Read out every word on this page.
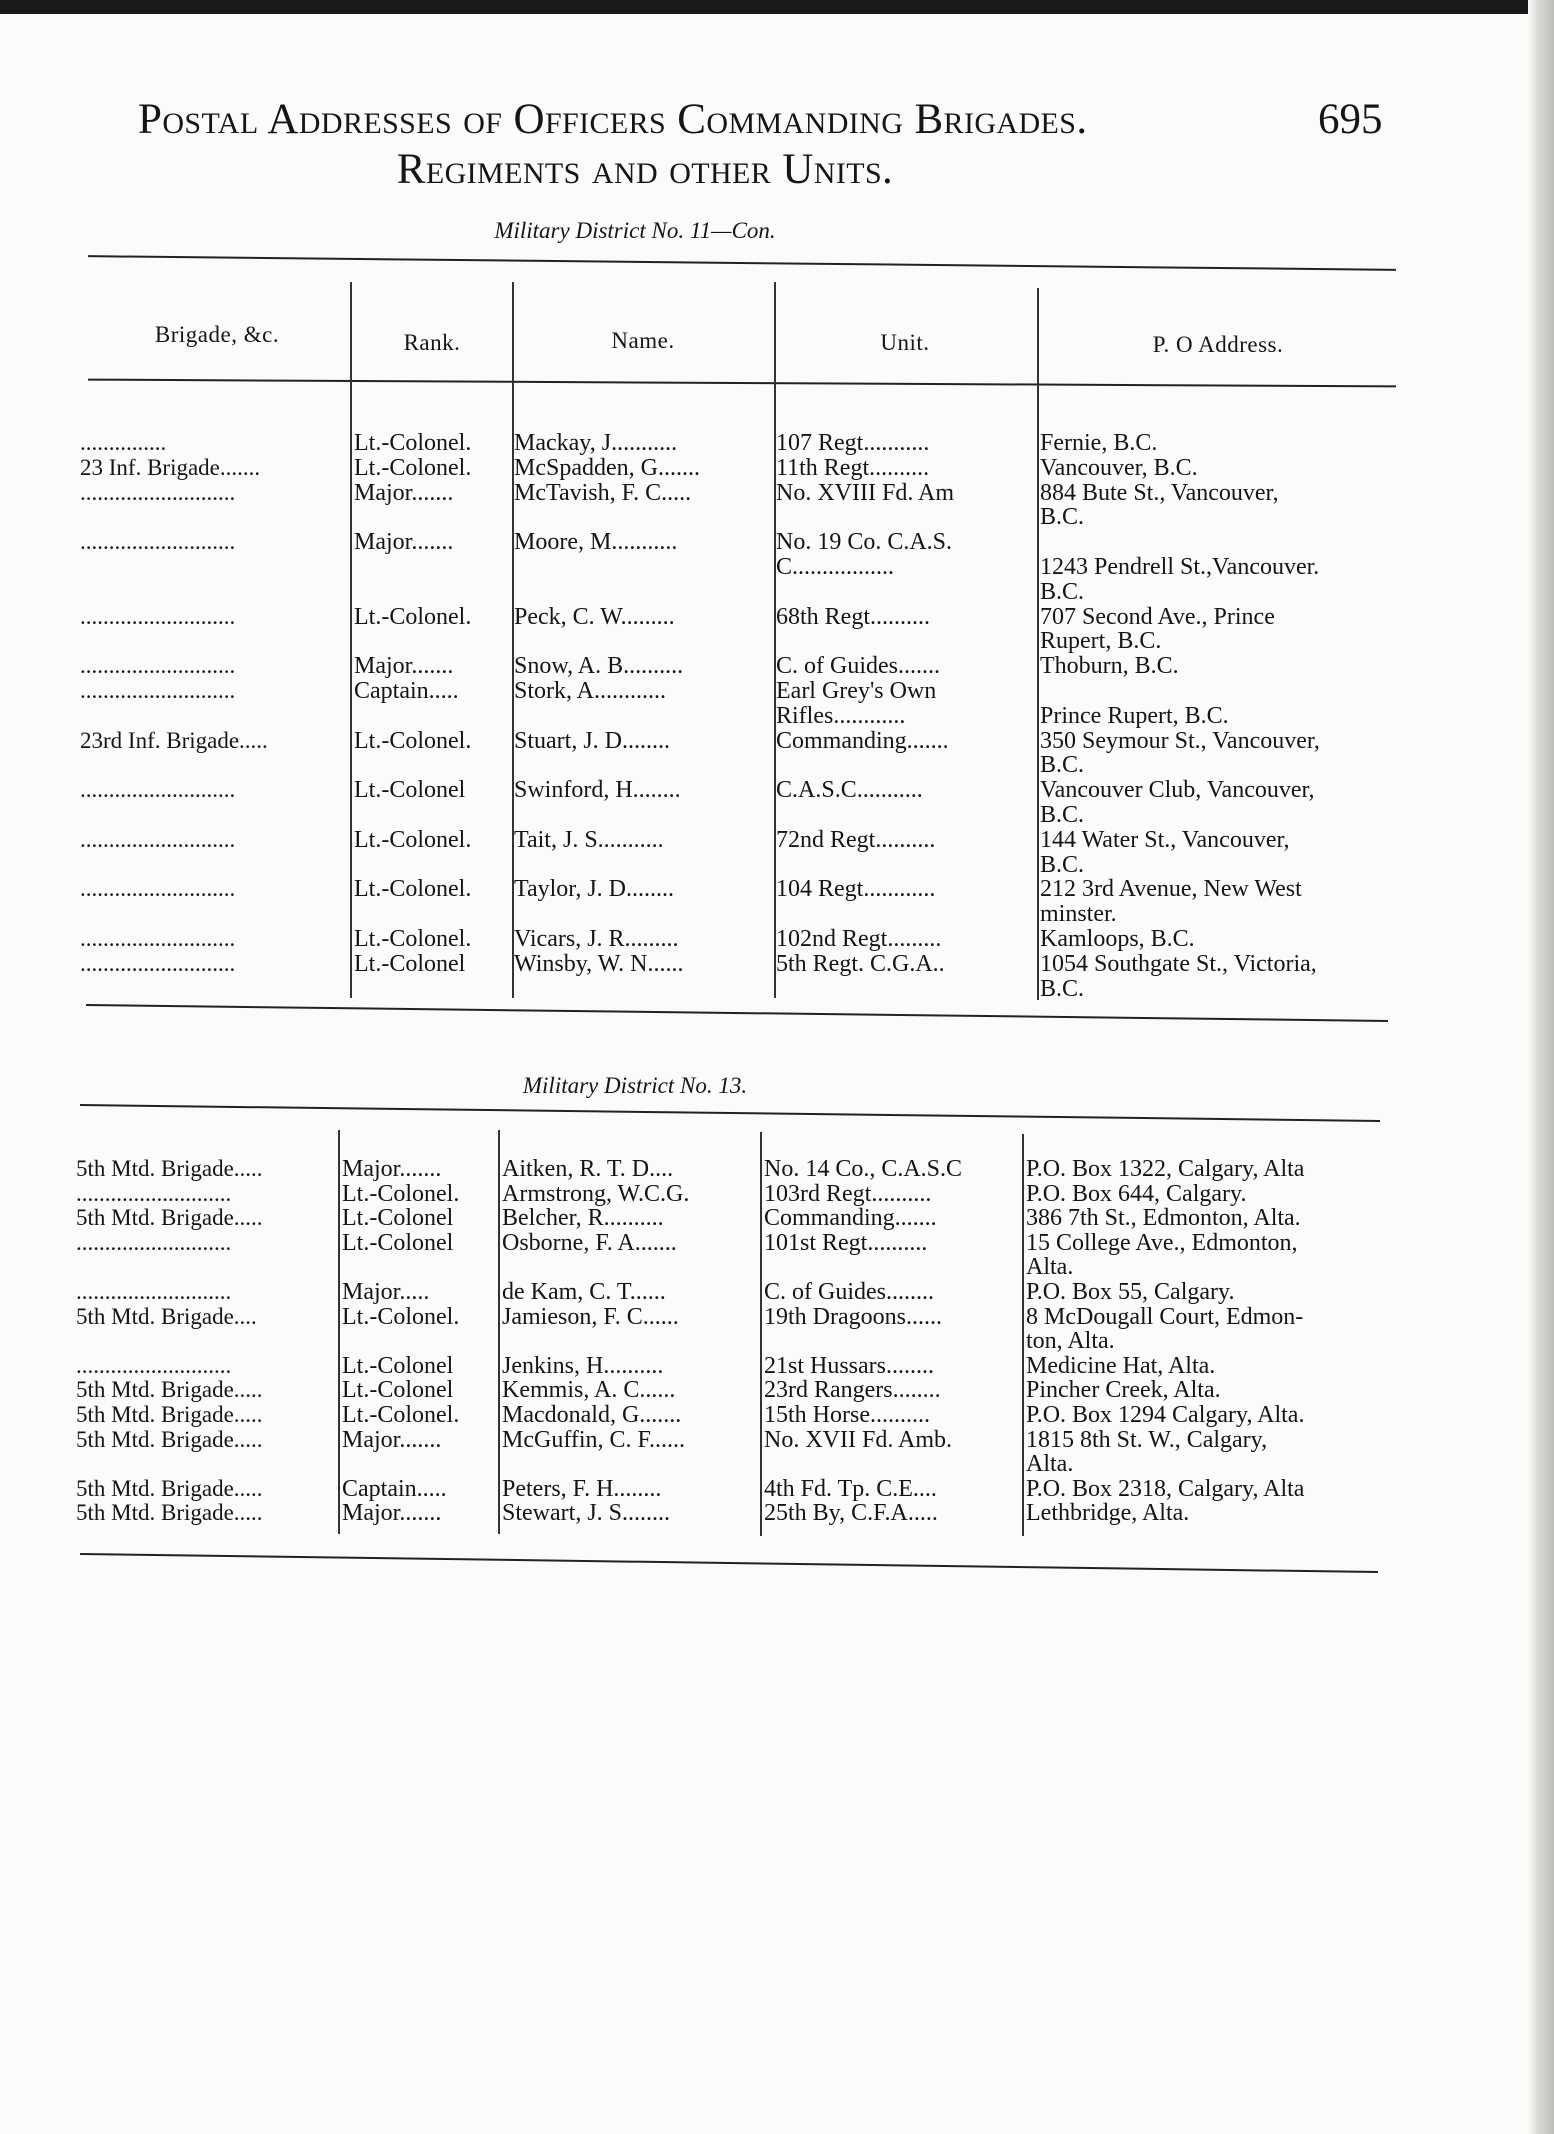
Postal Addresses of Officers Commanding Brigades.	695
Regiments and other Units.
Military District No. 11—Con.
Brigade, &c.	Rank.	Name.	Unit.	P. O Address.
...............	Lt.-Colonel.	Mackay, J...........	107 Regt...........	Fernie, B.C.
23 Inf. Brigade.......	Lt.-Colonel.	McSpadden, G.......	11th Regt..........	Vancouver, B.C.
...........................	Major.......	McTavish, F. C.....	No. XVIII Fd. Am	884 Bute St., Vancouver,
B.C.
...........................	Major.......	Moore, M...........	No. 19 Co. C.A.S.
C.................	1243 Pendrell St.,Vancouver.
B.C.
...........................	Lt.-Colonel.	Peck, C. W.........	68th Regt..........	707 Second Ave., Prince
Rupert, B.C.
...........................	Major.......	Snow, A. B..........	C. of Guides.......	Thoburn, B.C.
...........................	Captain.....	Stork, A............	Earl Grey's Own
Rifles............	Prince Rupert, B.C.
23rd Inf. Brigade.....	Lt.-Colonel.	Stuart, J. D........	Commanding.......	350 Seymour St., Vancouver,
B.C.
...........................	Lt.-Colonel	Swinford, H........	C.A.S.C...........	Vancouver Club, Vancouver,
B.C.
...........................	Lt.-Colonel.	Tait, J. S...........	72nd Regt..........	144 Water St., Vancouver,
B.C.
...........................	Lt.-Colonel.	Taylor, J. D........	104 Regt............	212 3rd Avenue, New West
minster.
...........................	Lt.-Colonel.	Vicars, J. R.........	102nd Regt.........	Kamloops, B.C.
...........................	Lt.-Colonel	Winsby, W. N......	5th Regt. C.G.A..	1054 Southgate St., Victoria,
B.C.
Military District No. 13.
5th Mtd. Brigade.....	Major.......	Aitken, R. T. D....	No. 14 Co., C.A.S.C	P.O. Box 1322, Calgary, Alta
...........................	Lt.-Colonel.	Armstrong, W.C.G.	103rd Regt..........	P.O. Box 644, Calgary.
5th Mtd. Brigade.....	Lt.-Colonel	Belcher, R..........	Commanding.......	386 7th St., Edmonton, Alta.
...........................	Lt.-Colonel	Osborne, F. A.......	101st Regt..........	15 College Ave., Edmonton,
Alta.
...........................	Major.....	de Kam, C. T......	C. of Guides........	P.O. Box 55, Calgary.
5th Mtd. Brigade....	Lt.-Colonel.	Jamieson, F. C......	19th Dragoons......	8 McDougall Court, Edmon-
ton, Alta.
...........................	Lt.-Colonel	Jenkins, H..........	21st Hussars........	Medicine Hat, Alta.
5th Mtd. Brigade.....	Lt.-Colonel	Kemmis, A. C......	23rd Rangers........	Pincher Creek, Alta.
5th Mtd. Brigade.....	Lt.-Colonel.	Macdonald, G.......	15th Horse..........	P.O. Box 1294 Calgary, Alta.
5th Mtd. Brigade.....	Major.......	McGuffin, C. F......	No. XVII Fd. Amb.	1815 8th St. W., Calgary,
Alta.
5th Mtd. Brigade.....	Captain.....	Peters, F. H........	4th Fd. Tp. C.E....	P.O. Box 2318, Calgary, Alta
5th Mtd. Brigade.....	Major.......	Stewart, J. S........	25th By, C.F.A.....	Lethbridge, Alta.
